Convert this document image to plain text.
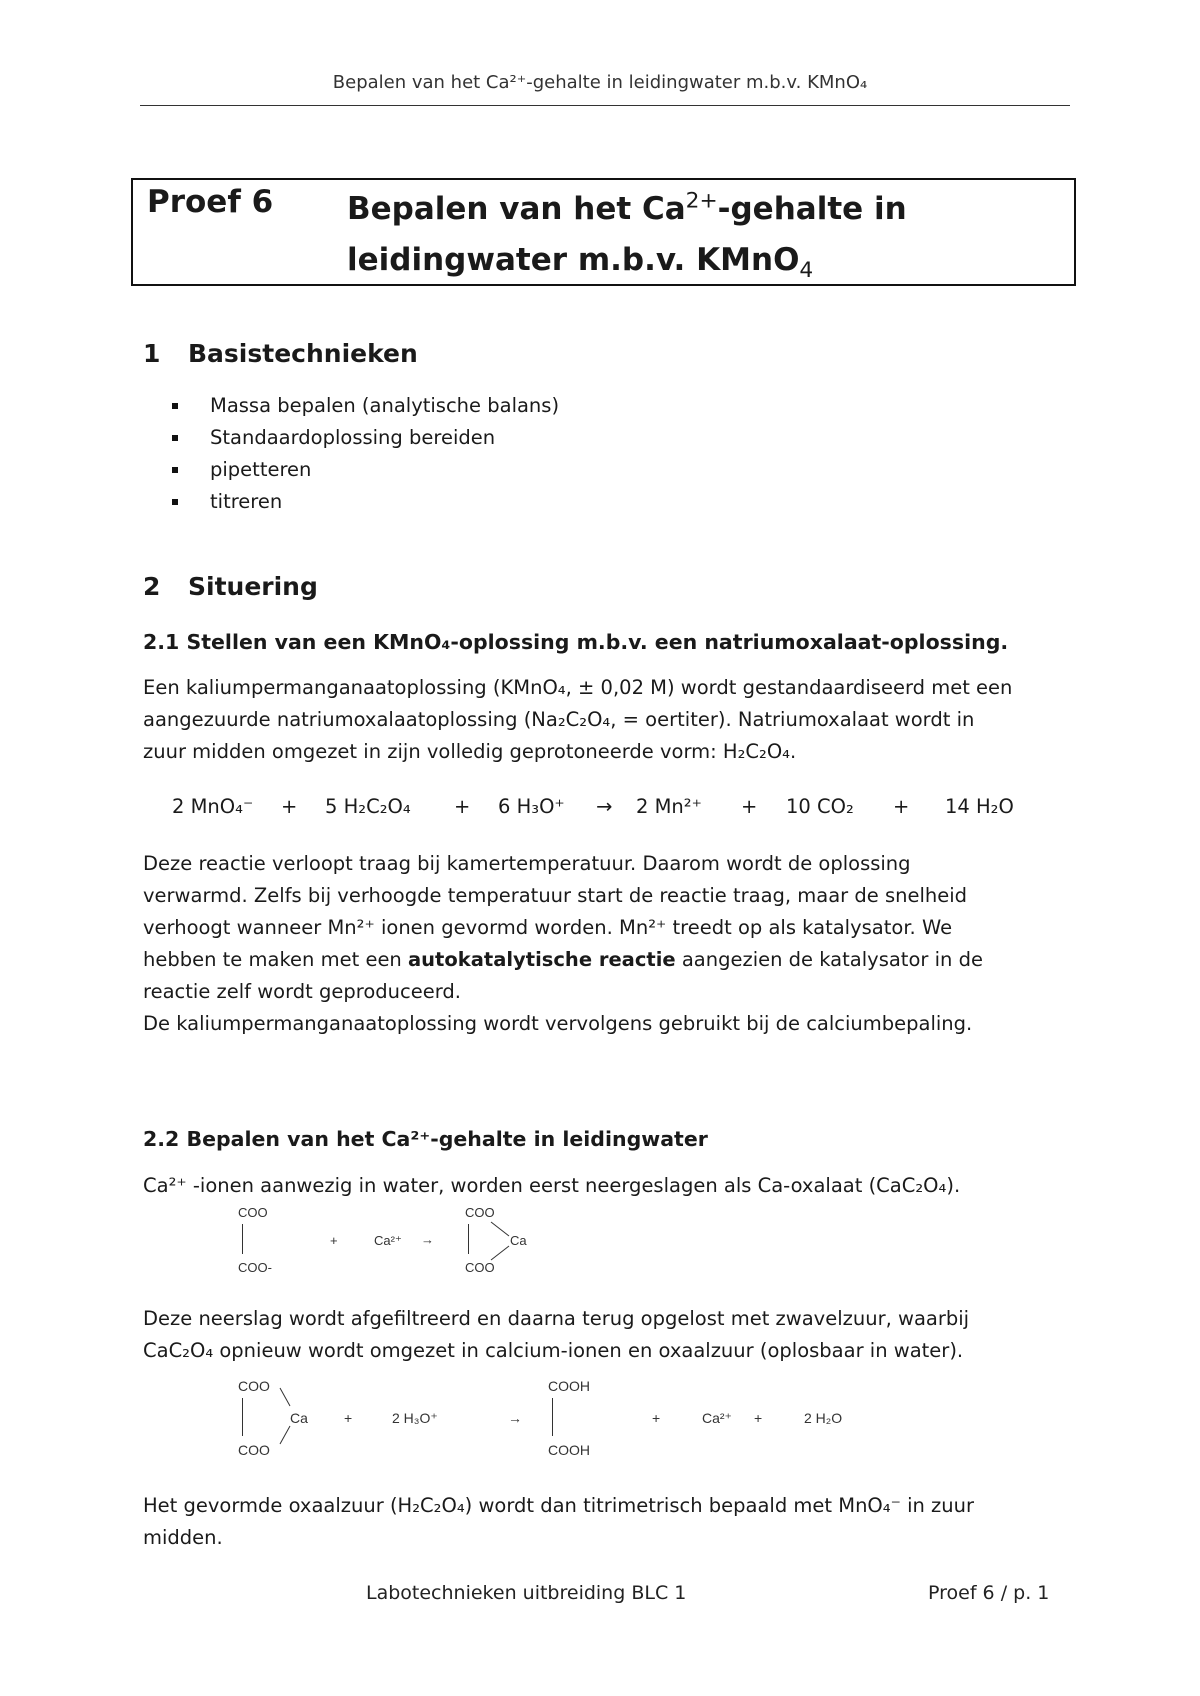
Bepalen van het Ca²⁺-gehalte in leidingwater m.b.v. KMnO₄
Proef 6 Bepalen van het $Ca^{2+}$-gehalte in
leidingwater m.b.v. KMnO$_4$
1 Basistechnieken
Massa bepalen (analytische balans)
Standaardoplossing bereiden
pipetteren
titreren
2 Situering
2.1 Stellen van een KMnO₄-oplossing m.b.v. een natriumoxalaat-oplossing.
Een kaliumpermanganaatoplossing (KMnO₄, ± 0,02 M) wordt gestandaardiseerd met een
aangezuurde natriumoxalaatoplossing (Na₂C₂O₄, = oertiter). Natriumoxalaat wordt in
zuur midden omgezet in zijn volledig geprotoneerde vorm: H₂C₂O₄.
2 MnO₄⁻ + 5 H₂C₂O₄ + 6 H₃O⁺ → 2 Mn²⁺ + 10 CO₂ + 14 H₂O
Deze reactie verloopt traag bij kamertemperatuur. Daarom wordt de oplossing
verwarmd. Zelfs bij verhoogde temperatuur start de reactie traag, maar de snelheid
verhoogt wanneer Mn²⁺ ionen gevormd worden. Mn²⁺ treedt op als katalysator. We
hebben te maken met een autokatalytische reactie aangezien de katalysator in de
reactie zelf wordt geproduceerd.
De kaliumpermanganaatoplossing wordt vervolgens gebruikt bij de calciumbepaling.
2.2 Bepalen van het Ca²⁺-gehalte in leidingwater
Ca²⁺ -ionen aanwezig in water, worden eerst neergeslagen als Ca-oxalaat (CaC₂O₄).
COO
COO-
+	Ca²⁺ →
COO
Ca
COO
Deze neerslag wordt afgefiltreerd en daarna terug opgelost met zwavelzuur, waarbij
CaC₂O₄ opnieuw wordt omgezet in calcium-ionen en oxaalzuur (oplosbaar in water).
COO
Ca
COO
+	2 H₃O⁺	→
COOH
COOH
+	Ca²⁺ +	2 H₂O
Het gevormde oxaalzuur (H₂C₂O₄) wordt dan titrimetrisch bepaald met MnO₄⁻ in zuur
midden.
Labotechnieken uitbreiding BLC 1	Proef 6 / p. 1
